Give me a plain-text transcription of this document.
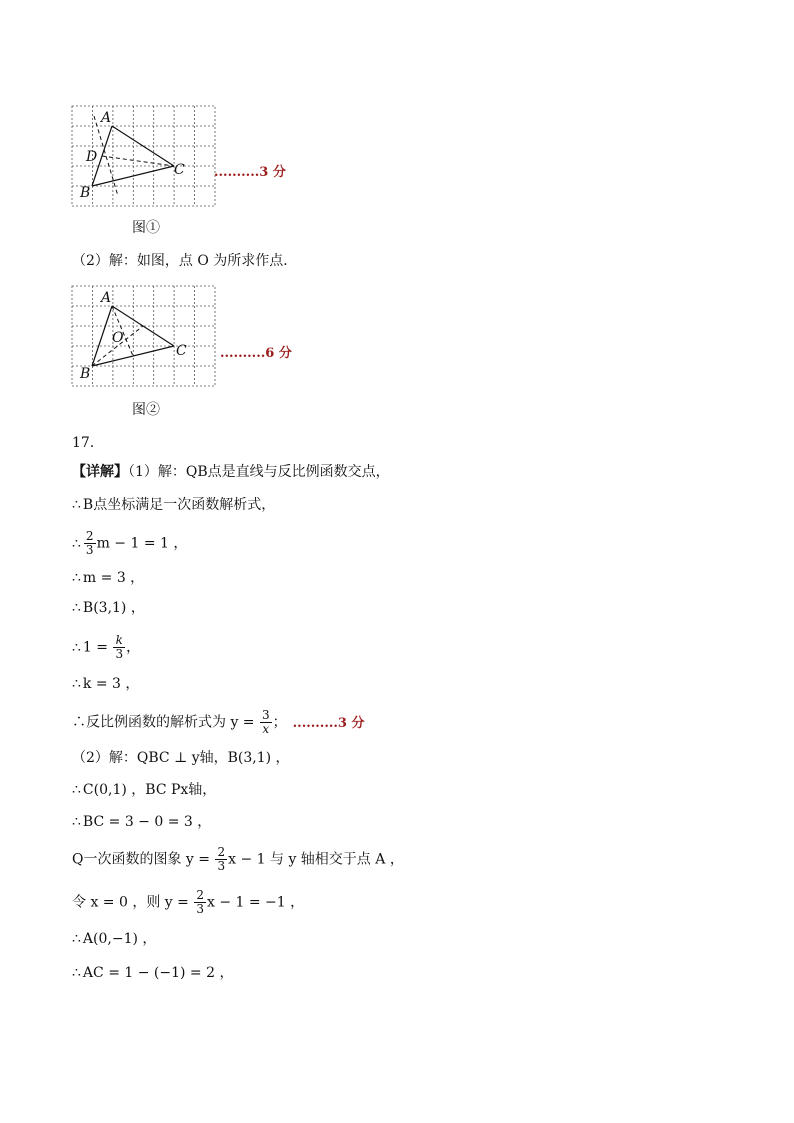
A
D
C
B
..........3 分
图①
（2）解：如图，点 O 为所求作点．
A
O
C
B
..........6 分
图②
17．
【详解】（1）解：QB点是直线与反比例函数交点，
∴ B点坐标满足一次函数解析式，
∴ $\frac{2}{3}$ m − 1 = 1 ，
∴ m = 3 ，
∴ B(3,1) ，
∴ $1 = \frac{k}{3}$ ，
∴ k = 3 ，
∴反比例函数的解析式为 $y = \frac{3}{x}$ ； ..........3 分
（2）解：QBC ⊥ y轴，B(3,1) ，
∴ C(0,1) ，BC Px轴，
∴ BC = 3 − 0 = 3 ，
Q一次函数的图象 $y = \frac{2}{3}$ x − 1 与 y 轴相交于点 A ，
令 x = 0 ，则 $y = \frac{2}{3}$ x − 1 = −1 ，
∴ A(0,−1) ，
∴ AC = 1 − (−1) = 2 ，
